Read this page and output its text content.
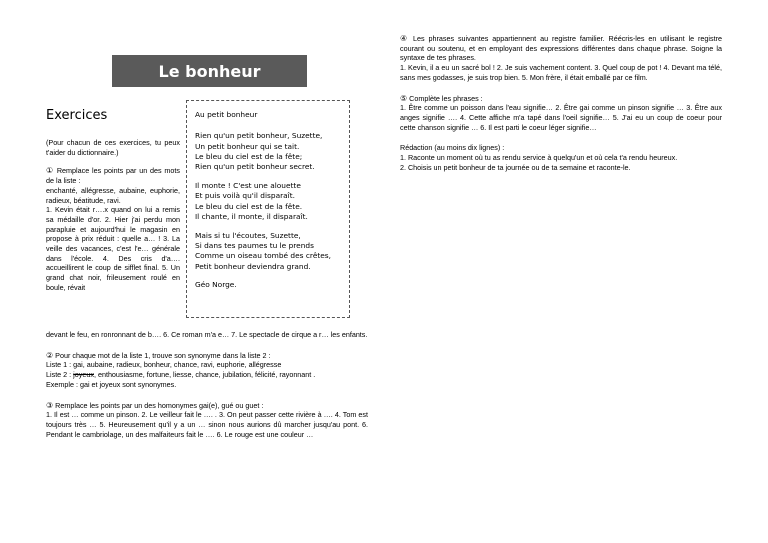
Le bonheur
Exercices

(Pour chacun de ces exercices, tu peux t'aider du dictionnaire.)

① Remplace les points par un des mots de la liste :
enchanté, allégresse, aubaine, euphorie, radieux, béatitude, ravi.
1. Kevin était r….x quand on lui a remis sa médaille d'or. 2. Hier j'ai perdu mon parapluie et aujourd'hui le magasin en propose à prix réduit : quelle a… ! 3. La veille des vacances, c'est l'e… générale dans l'école. 4. Des cris d'a…. accueillirent le coup de sifflet final. 5. Un grand chat noir, frileusement roulé en boule, révait

Au petit bonheur
Rien qu'un petit bonheur, Suzette,
Un petit bonheur qui se tait.
Le bleu du ciel est de la fête;
Rien qu'un petit bonheur secret.
Il monte ! C'est une alouette
Et puis voilà qu'il disparaît.
Le bleu du ciel est de la fête.
Il chante, il monte, il disparaît.
Mais si tu l'écoutes, Suzette,
Si dans tes paumes tu le prends
Comme un oiseau tombé des crêtes,
Petit bonheur deviendra grand.
Géo Norge.

devant le feu, en ronronnant de b…. 6. Ce roman m'a e… 7. Le spectacle de cirque a r… les enfants.

② Pour chaque mot de la liste 1, trouve son synonyme dans la liste 2 :
Liste 1 : gai, aubaine, radieux, bonheur, chance, ravi, euphorie, allégresse
Liste 2 : joyeux, enthousiasme, fortune, liesse, chance, jubilation, félicité, rayonnant .
Exemple : gai et joyeux sont synonymes.

③ Remplace les points par un des homonymes gai(e), gué ou guet :
1. Il est … comme un pinson. 2. Le veilleur fait le …. . 3. On peut passer cette rivière à …. 4. Tom est toujours très … 5. Heureusement qu'il y a un … sinon nous aurions dû marcher jusqu'au pont. 6. Pendant le cambriolage, un des malfaiteurs fait le …. 6. Le rouge est une couleur …

④ Les phrases suivantes appartiennent au registre familier. Réécris-les en utilisant le registre courant ou soutenu, et en employant des expressions différentes dans chaque phrase. Soigne la syntaxe de tes phrases.
1. Kevin, il a eu un sacré bol ! 2. Je suis vachement content. 3. Quel coup de pot ! 4. Devant ma télé, sans mes godasses, je suis trop bien. 5. Mon frère, il était emballé par ce film.

⑤ Complète les phrases :
1. Être comme un poisson dans l'eau signifie… 2. Être gai comme un pinson signifie … 3. Être aux anges signifie …. 4. Cette affiche m'a tapé dans l'oeil signifie… 5. J'ai eu un coup de coeur pour cette chanson signifie … 6. Il est parti le coeur léger signifie…

Rédaction (au moins dix lignes) :
1. Raconte un moment où tu as rendu service à quelqu'un et où cela t'a rendu heureux.
2. Choisis un petit bonheur de ta journée ou de ta semaine et raconte-le.
